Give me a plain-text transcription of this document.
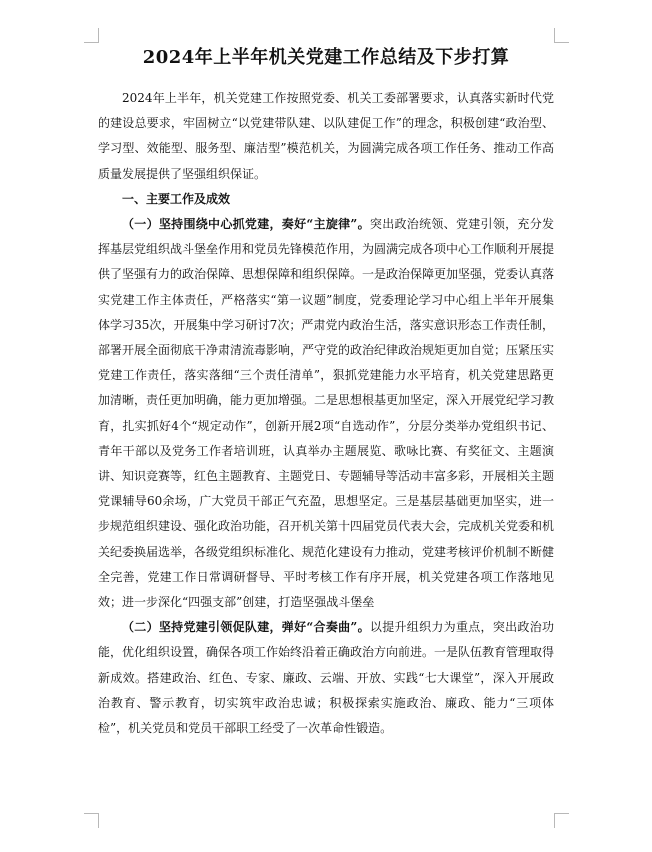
2024年上半年机关党建工作总结及下步打算

2024年上半年，机关党建工作按照党委、机关工委部署要求，认真落实新时代党的建设总要求，牢固树立“以党建带队建、以队建促工作”的理念，积极创建“政治型、学习型、效能型、服务型、廉洁型”模范机关，为圆满完成各项工作任务、推动工作高质量发展提供了坚强组织保证。

一、主要工作及成效

（一）坚持围绕中心抓党建，奏好“主旋律”。突出政治统领、党建引领，充分发挥基层党组织战斗堡垒作用和党员先锋模范作用，为圆满完成各项中心工作顺利开展提供了坚强有力的政治保障、思想保障和组织保障。一是政治保障更加坚强，党委认真落实党建工作主体责任，严格落实“第一议题”制度，党委理论学习中心组上半年开展集体学习35次，开展集中学习研讨7次；严肃党内政治生活，落实意识形态工作责任制，部署开展全面彻底干净肃清流毒影响，严守党的政治纪律政治规矩更加自觉；压紧压实党建工作责任，落实落细“三个责任清单”，狠抓党建能力水平培育，机关党建思路更加清晰，责任更加明确，能力更加增强。二是思想根基更加坚定，深入开展党纪学习教育，扎实抓好4个“规定动作”，创新开展2项“自选动作”，分层分类举办党组织书记、青年干部以及党务工作者培训班，认真举办主题展览、歌咏比赛、有奖征文、主题演讲、知识竞赛等，红色主题教育、主题党日、专题辅导等活动丰富多彩，开展相关主题党课辅导60余场，广大党员干部正气充盈，思想坚定。三是基层基础更加坚实，进一步规范组织建设、强化政治功能，召开机关第十四届党员代表大会，完成机关党委和机关纪委换届选举，各级党组织标准化、规范化建设有力推动，党建考核评价机制不断健全完善，党建工作日常调研督导、平时考核工作有序开展，机关党建各项工作落地见效；进一步深化“四强支部”创建，打造坚强战斗堡垒

（二）坚持党建引领促队建，弹好“合奏曲”。以提升组织力为重点，突出政治功能，优化组织设置，确保各项工作始终沿着正确政治方向前进。一是队伍教育管理取得新成效。搭建政治、红色、专家、廉政、云端、开放、实践“七大课堂”，深入开展政治教育、警示教育，切实筑牢政治忠诚；积极探索实施政治、廉政、能力“三项体检”，机关党员和党员干部职工经受了一次革命性锻造。
